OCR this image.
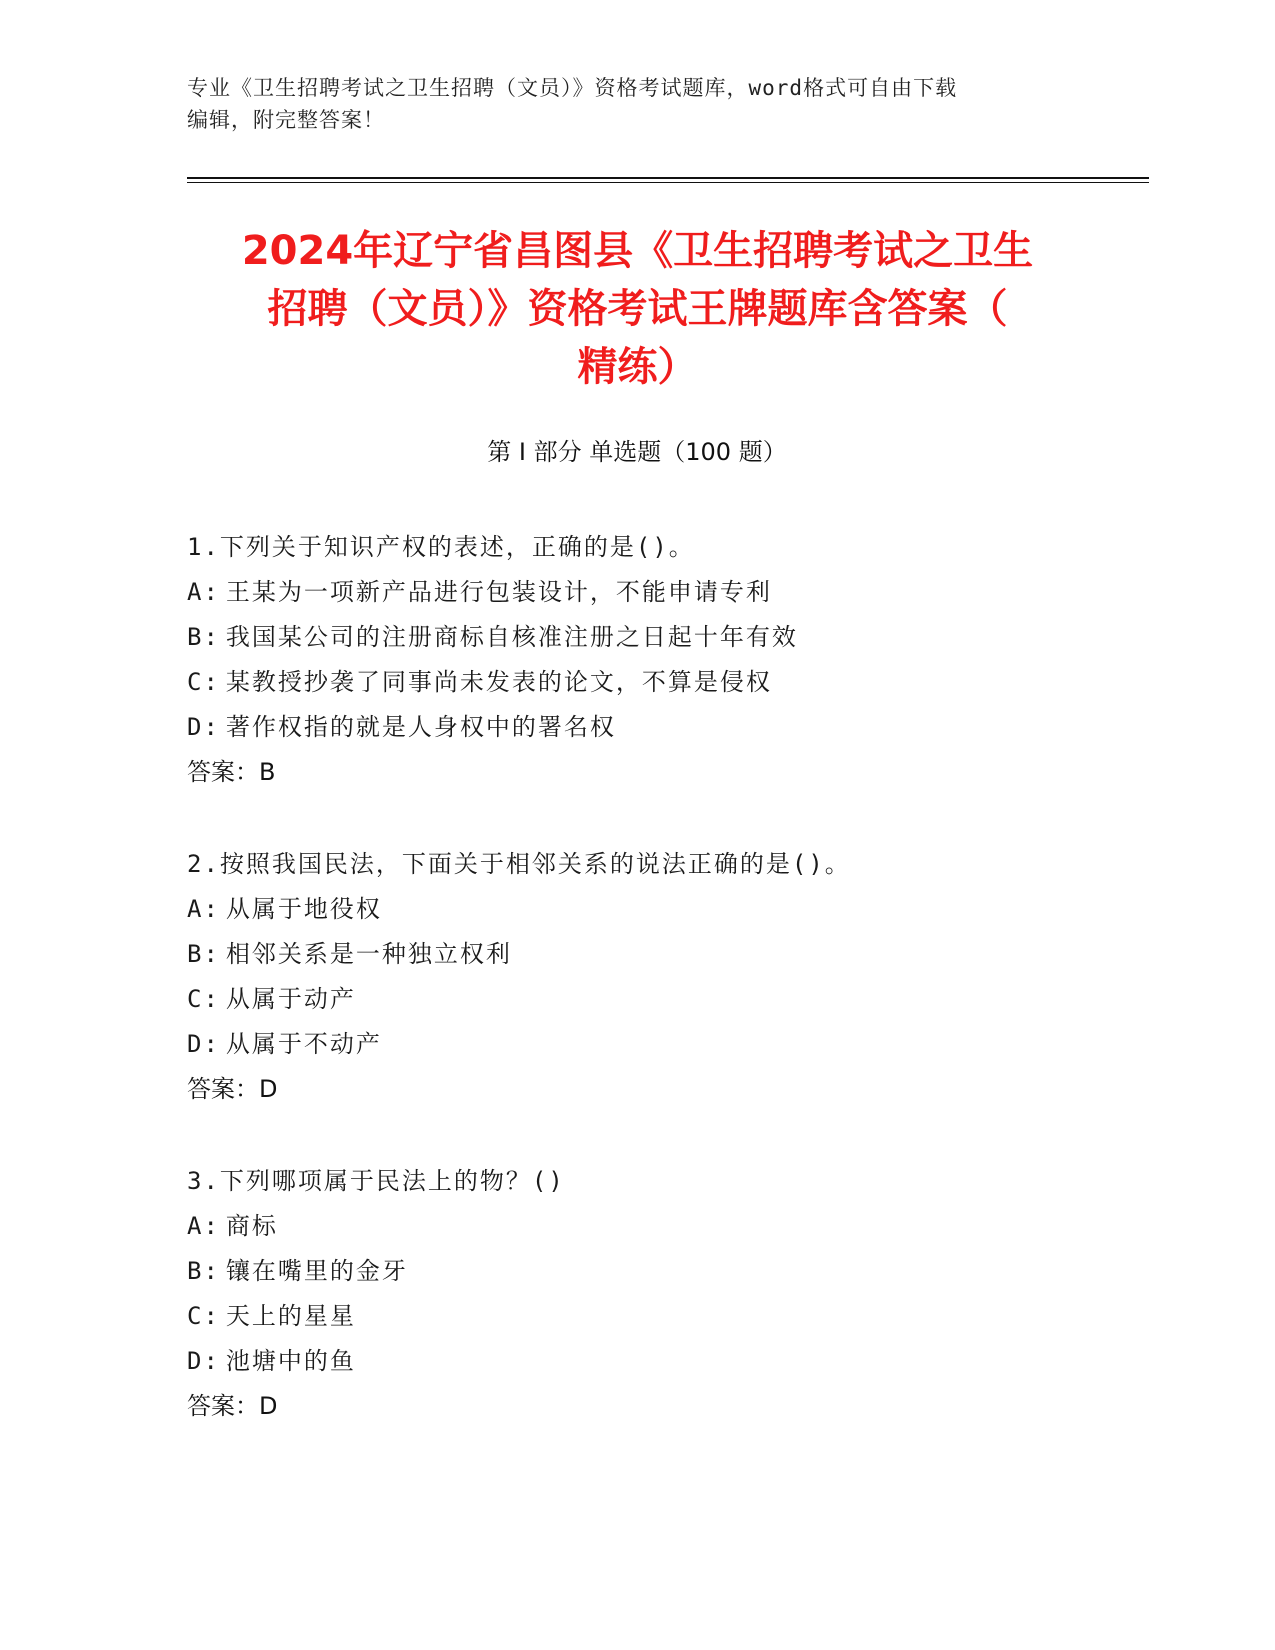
专业《卫生招聘考试之卫生招聘（文员）》资格考试题库，word格式可自由下载
编辑，附完整答案！
2024年辽宁省昌图县《卫生招聘考试之卫生
招聘（文员）》资格考试王牌题库含答案（
精练）
第 I 部分 单选题（100 题）
1.下列关于知识产权的表述，正确的是()。
A: 王某为一项新产品进行包装设计，不能申请专利
B: 我国某公司的注册商标自核准注册之日起十年有效
C: 某教授抄袭了同事尚未发表的论文，不算是侵权
D: 著作权指的就是人身权中的署名权
答案：B
2.按照我国民法，下面关于相邻关系的说法正确的是()。
A: 从属于地役权
B: 相邻关系是一种独立权利
C: 从属于动产
D: 从属于不动产
答案：D
3.下列哪项属于民法上的物？()
A: 商标
B: 镶在嘴里的金牙
C: 天上的星星
D: 池塘中的鱼
答案：D
